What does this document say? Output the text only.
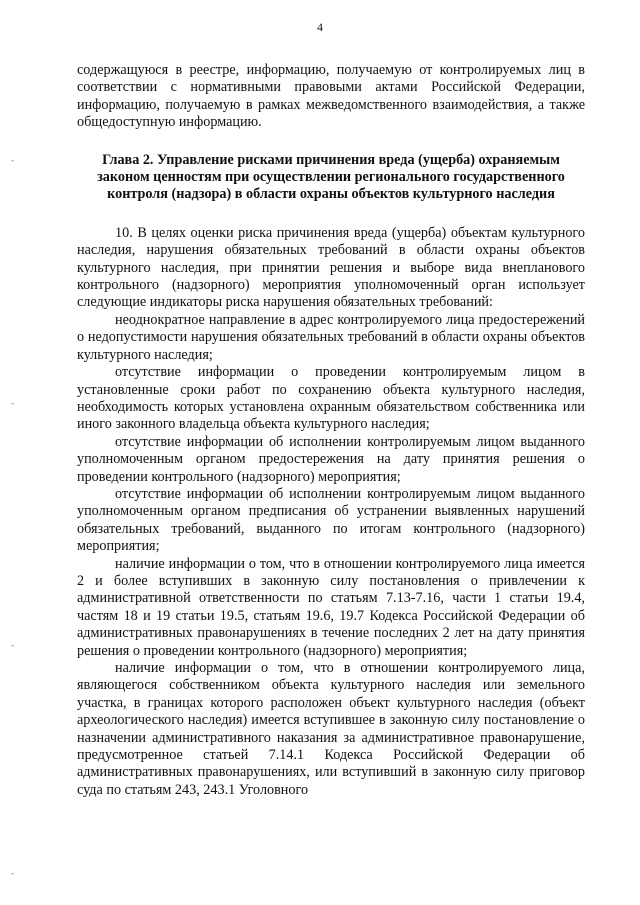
4
-
-
-
-

содержащуюся в реестре, информацию, получаемую от контролируемых лиц в соответствии с нормативными правовыми актами Российской Федерации, информацию, получаемую в рамках межведомственного взаимодействия, а также общедоступную информацию.

Глава 2. Управление рисками причинения вреда (ущерба) охраняемым законом ценностям при осуществлении регионального государственного контроля (надзора) в области охраны объектов культурного наследия

10. В целях оценки риска причинения вреда (ущерба) объектам культурного наследия, нарушения обязательных требований в области охраны объектов культурного наследия, при принятии решения и выборе вида внепланового контрольного (надзорного) мероприятия уполномоченный орган использует следующие индикаторы риска нарушения обязательных требований:

неоднократное направление в адрес контролируемого лица предостережений о недопустимости нарушения обязательных требований в области охраны объектов культурного наследия;

отсутствие информации о проведении контролируемым лицом в установленные сроки работ по сохранению объекта культурного наследия, необходимость которых установлена охранным обязательством собственника или иного законного владельца объекта культурного наследия;

отсутствие информации об исполнении контролируемым лицом выданного уполномоченным органом предостережения на дату принятия решения о проведении контрольного (надзорного) мероприятия;

отсутствие информации об исполнении контролируемым лицом выданного уполномоченным органом предписания об устранении выявленных нарушений обязательных требований, выданного по итогам контрольного (надзорного) мероприятия;

наличие информации о том, что в отношении контролируемого лица имеется 2 и более вступивших в законную силу постановления о привлечении к административной ответственности по статьям 7.13-7.16, части 1 статьи 19.4, частям 18 и 19 статьи 19.5, статьям 19.6, 19.7 Кодекса Российской Федерации об административных правонарушениях в течение последних 2 лет на дату принятия решения о проведении контрольного (надзорного) мероприятия;

наличие информации о том, что в отношении контролируемого лица, являющегося собственником объекта культурного наследия или земельного участка, в границах которого расположен объект культурного наследия (объект археологического наследия) имеется вступившее в законную силу постановление о назначении административного наказания за административное правонарушение, предусмотренное статьей 7.14.1 Кодекса Российской Федерации об административных правонарушениях, или вступивший в законную силу приговор суда по статьям 243, 243.1 Уголовного
